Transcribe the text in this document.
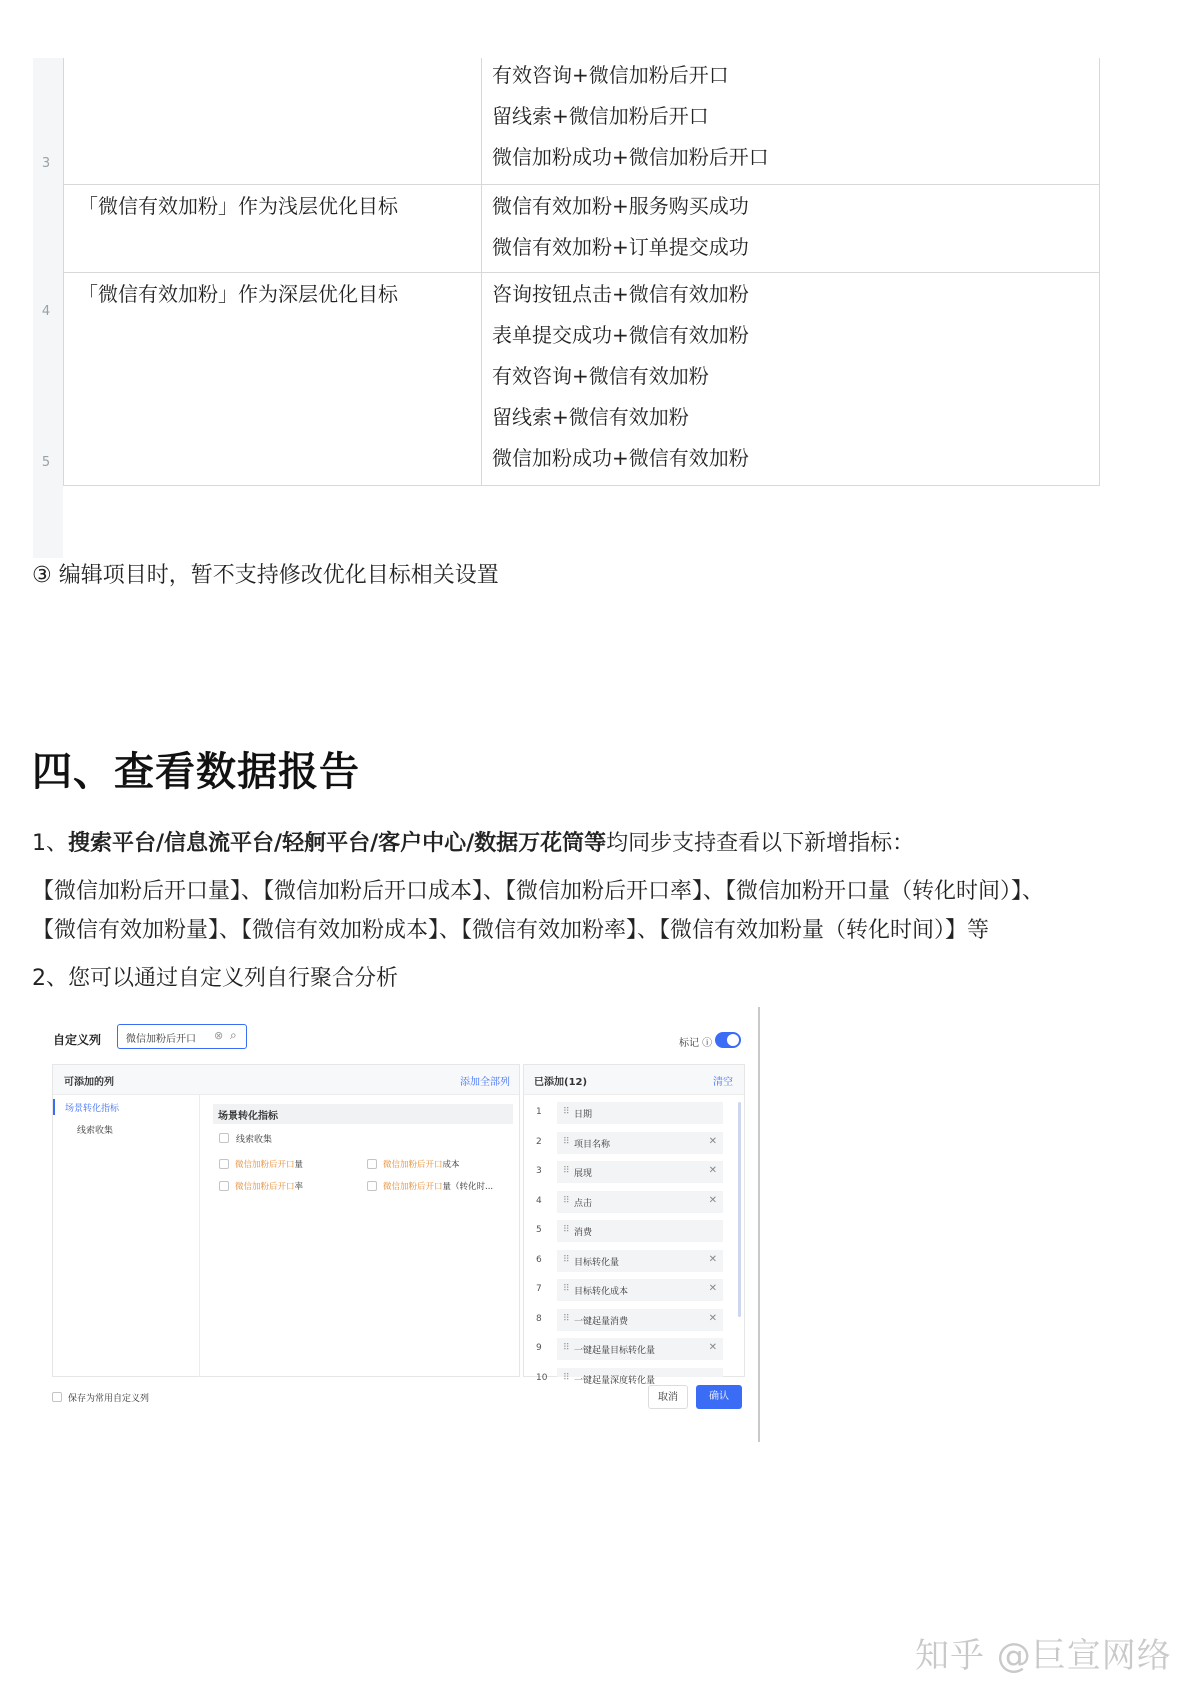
3
4
5
有效咨询+微信加粉后开口
留线索+微信加粉后开口
微信加粉成功+微信加粉后开口
「微信有效加粉」作为浅层优化目标	微信有效加粉+服务购买成功
微信有效加粉+订单提交成功
「微信有效加粉」作为深层优化目标	咨询按钮点击+微信有效加粉
表单提交成功+微信有效加粉
有效咨询+微信有效加粉
留线索+微信有效加粉
微信加粉成功+微信有效加粉
③ 编辑项目时，暂不支持修改优化目标相关设置
四、查看数据报告
1、搜索平台/信息流平台/轻舸平台/客户中心/数据万花筒等均同步支持查看以下新增指标：
【微信加粉后开口量】、【微信加粉后开口成本】、【微信加粉后开口率】、【微信加粉开口量（转化时间）】、
【微信有效加粉量】、【微信有效加粉成本】、【微信有效加粉率】、【微信有效加粉量（转化时间）】等
2、您可以通过自定义列自行聚合分析
自定义列 微信加粉后开口 ⊗ ⌕
标记 ⓘ
可添加的列	添加全部列
场景转化指标
线索收集
场景转化指标
线索收集
微信加粉后开口量	微信加粉后开口成本
微信加粉后开口率	微信加粉后开口量（转化时...
已添加(12)	清空
1 ⠿ 日期
2 ⠿ 项目名称	✕
3 ⠿ 展现	✕
4 ⠿ 点击	✕
5 ⠿ 消费
6 ⠿ 目标转化量	✕
7 ⠿ 目标转化成本	✕
8 ⠿ 一键起量消费	✕
9 ⠿ 一键起量目标转化量	✕
10 ⠿ 一键起量深度转化量
保存为常用自定义列	取消	确认
知乎 @巨宣网络
